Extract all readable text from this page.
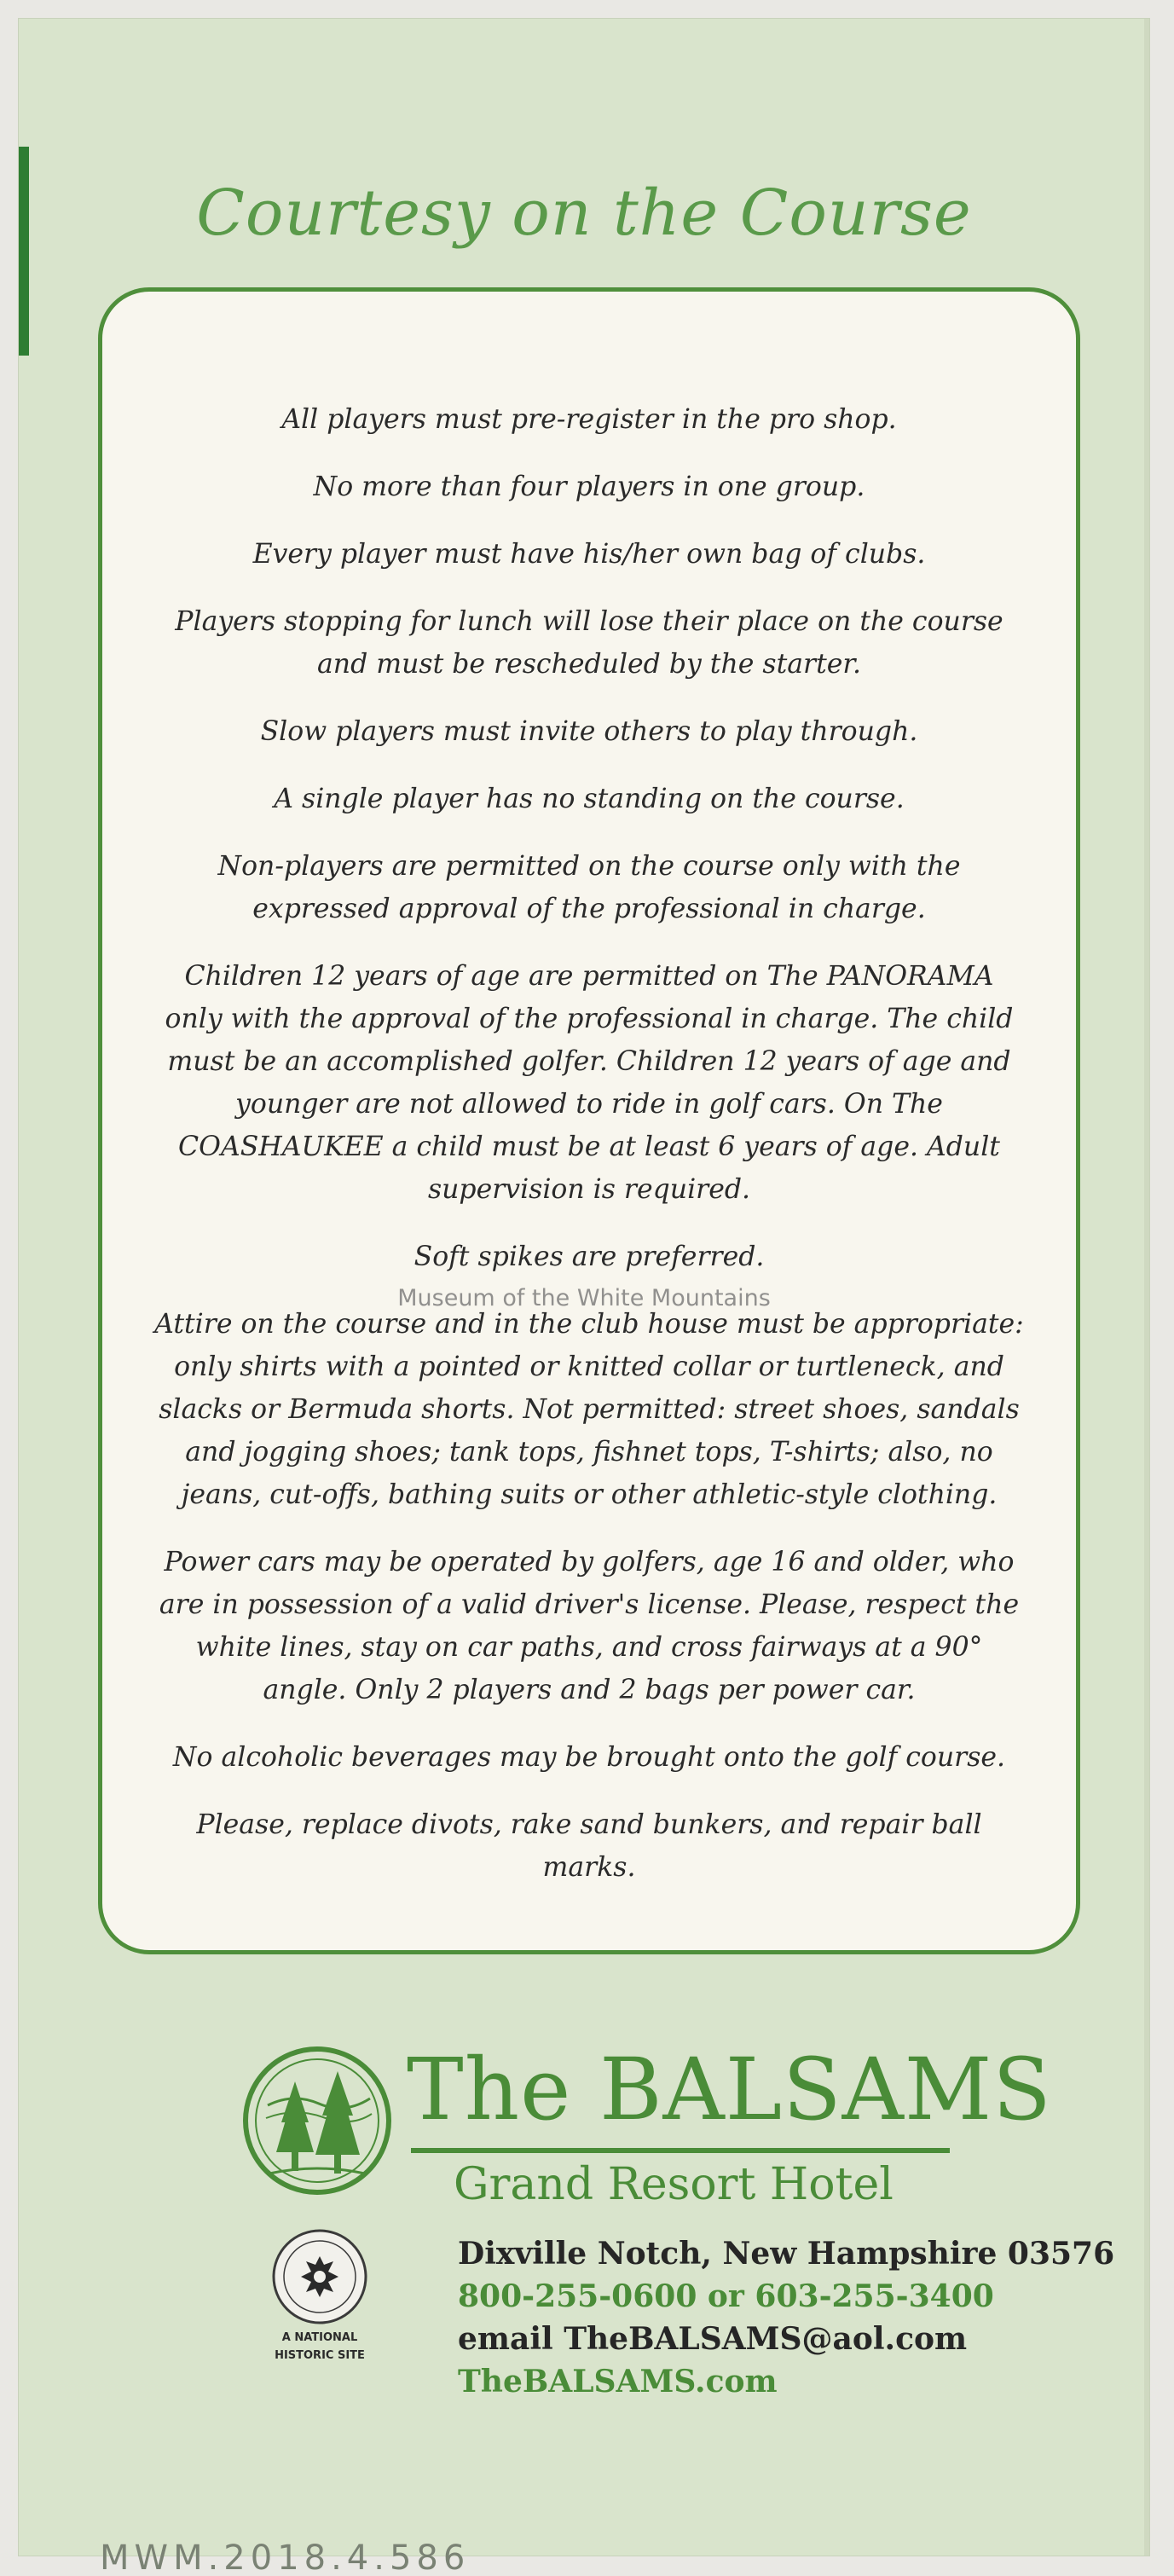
Courtesy on the Course
All players must pre-register in the pro shop.
No more than four players in one group.
Every player must have his/her own bag of clubs.
Players stopping for lunch will lose their place on the course and must be rescheduled by the starter.
Slow players must invite others to play through.
A single player has no standing on the course.
Non-players are permitted on the course only with the expressed approval of the professional in charge.
Children 12 years of age are permitted on The PANORAMA only with the approval of the professional in charge. The child must be an accomplished golfer. Children 12 years of age and younger are not allowed to ride in golf cars. On The COASHAUKEE a child must be at least 6 years of age. Adult supervision is required.
Soft spikes are preferred.
Attire on the course and in the club house must be appropriate: only shirts with a pointed or knitted collar or turtleneck, and slacks or Bermuda shorts. Not permitted: street shoes, sandals and jogging shoes; tank tops, fishnet tops, T-shirts; also, no jeans, cut-offs, bathing suits or other athletic-style clothing.
Power cars may be operated by golfers, age 16 and older, who are in possession of a valid driver's license. Please, respect the white lines, stay on car paths, and cross fairways at a 90° angle. Only 2 players and 2 bags per power car.
No alcoholic beverages may be brought onto the golf course.
Please, replace divots, rake sand bunkers, and repair ball marks.
Museum of the White Mountains
The BALSAMS
Grand Resort Hotel
A NATIONAL
HISTORIC SITE
Dixville Notch, New Hampshire 03576
800-255-0600 or 603-255-3400
email TheBALSAMS@aol.com
TheBALSAMS.com
MWM.2018.4.586
